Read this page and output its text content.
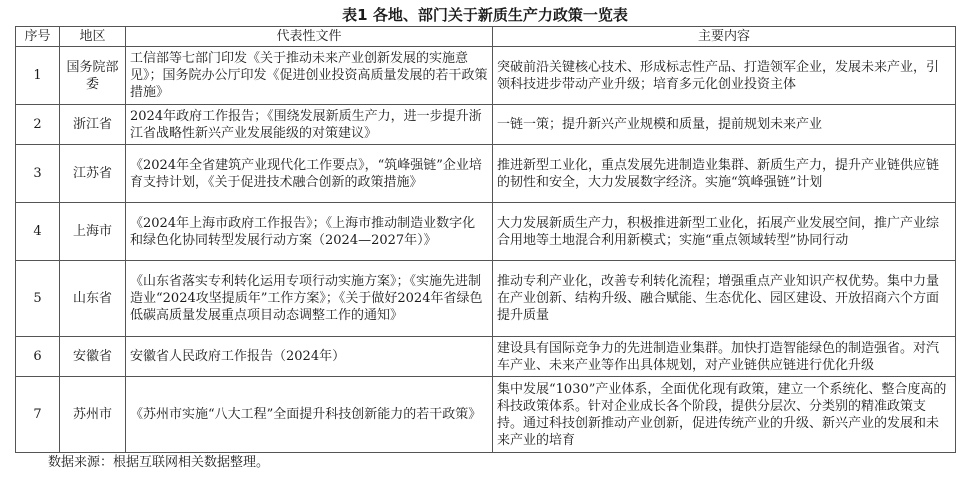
表1 各地、部门关于新质生产力政策一览表
序号	地区	代表性文件	主要内容
1	国务院部委	工信部等七部门印发《关于推动未来产业创新发展的实施意见》；国务院办公厅印发《促进创业投资高质量发展的若干政策措施》	突破前沿关键核心技术、形成标志性产品、打造领军企业，发展未来产业，引领科技进步带动产业升级；培育多元化创业投资主体
2	浙江省	2024年政府工作报告；《围绕发展新质生产力，进一步提升浙江省战略性新兴产业发展能级的对策建议》	一链一策；提升新兴产业规模和质量，提前规划未来产业
3	江苏省	《2024年全省建筑产业现代化工作要点》，“筑峰强链”企业培育支持计划，《关于促进技术融合创新的政策措施》	推进新型工业化，重点发展先进制造业集群、新质生产力，提升产业链供应链的韧性和安全，大力发展数字经济。实施“筑峰强链”计划
4	上海市	《2024年上海市政府工作报告》；《上海市推动制造业数字化和绿色化协同转型发展行动方案（2024—2027年）》	大力发展新质生产力，积极推进新型工业化，拓展产业发展空间，推广产业综合用地等土地混合利用新模式；实施“重点领域转型”协同行动
5	山东省	《山东省落实专利转化运用专项行动实施方案》；《实施先进制造业“2024攻坚提质年”工作方案》；《关于做好2024年省绿色低碳高质量发展重点项目动态调整工作的通知》	推动专利产业化，改善专利转化流程；增强重点产业知识产权优势。集中力量在产业创新、结构升级、融合赋能、生态优化、园区建设、开放招商六个方面提升质量
6	安徽省	安徽省人民政府工作报告（2024年）	建设具有国际竞争力的先进制造业集群。加快打造智能绿色的制造强省。对汽车产业、未来产业等作出具体规划，对产业链供应链进行优化升级
7	苏州市	《苏州市实施“八大工程”全面提升科技创新能力的若干政策》	集中发展“1030”产业体系，全面优化现有政策，建立一个系统化、整合度高的科技政策体系。针对企业成长各个阶段，提供分层次、分类别的精准政策支持。通过科技创新推动产业创新，促进传统产业的升级、新兴产业的发展和未来产业的培育
数据来源：根据互联网相关数据整理。
